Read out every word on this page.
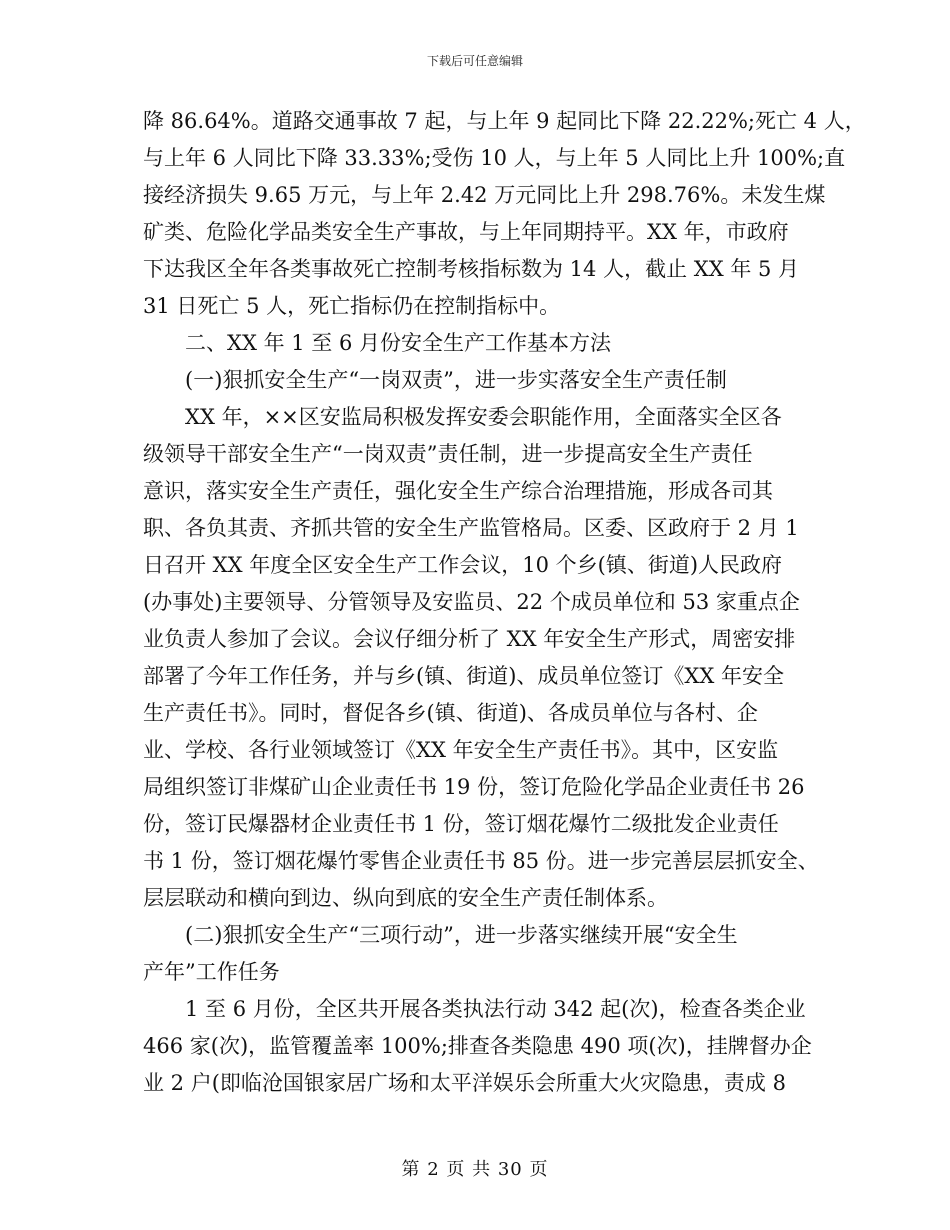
下载后可任意编辑
降 86.64%。道路交通事故 7 起，与上年 9 起同比下降 22.22%;死亡 4 人，
与上年 6 人同比下降 33.33%;受伤 10 人，与上年 5 人同比上升 100%;直
接经济损失 9.65 万元，与上年 2.42 万元同比上升 298.76%。未发生煤
矿类、危险化学品类安全生产事故，与上年同期持平。XX 年，市政府
下达我区全年各类事故死亡控制考核指标数为 14 人，截止 XX 年 5 月
31 日死亡 5 人，死亡指标仍在控制指标中。
二、XX 年 1 至 6 月份安全生产工作基本方法
(一)狠抓安全生产“一岗双责”，进一步实落安全生产责任制
XX 年，××区安监局积极发挥安委会职能作用，全面落实全区各
级领导干部安全生产“一岗双责”责任制，进一步提高安全生产责任
意识，落实安全生产责任，强化安全生产综合治理措施，形成各司其
职、各负其责、齐抓共管的安全生产监管格局。区委、区政府于 2 月 1
日召开 XX 年度全区安全生产工作会议，10 个乡(镇、街道)人民政府
(办事处)主要领导、分管领导及安监员、22 个成员单位和 53 家重点企
业负责人参加了会议。会议仔细分析了 XX 年安全生产形式，周密安排
部署了今年工作任务，并与乡(镇、街道)、成员单位签订《XX 年安全
生产责任书》。同时，督促各乡(镇、街道)、各成员单位与各村、企
业、学校、各行业领域签订《XX 年安全生产责任书》。其中，区安监
局组织签订非煤矿山企业责任书 19 份，签订危险化学品企业责任书 26
份，签订民爆器材企业责任书 1 份，签订烟花爆竹二级批发企业责任
书 1 份，签订烟花爆竹零售企业责任书 85 份。进一步完善层层抓安全、
层层联动和横向到边、纵向到底的安全生产责任制体系。
(二)狠抓安全生产“三项行动”，进一步落实继续开展“安全生
产年”工作任务
1 至 6 月份，全区共开展各类执法行动 342 起(次)，检查各类企业
466 家(次)，监管覆盖率 100%;排查各类隐患 490 项(次)，挂牌督办企
业 2 户(即临沧国银家居广场和太平洋娱乐会所重大火灾隐患，责成 8
第 2 页 共 30 页
